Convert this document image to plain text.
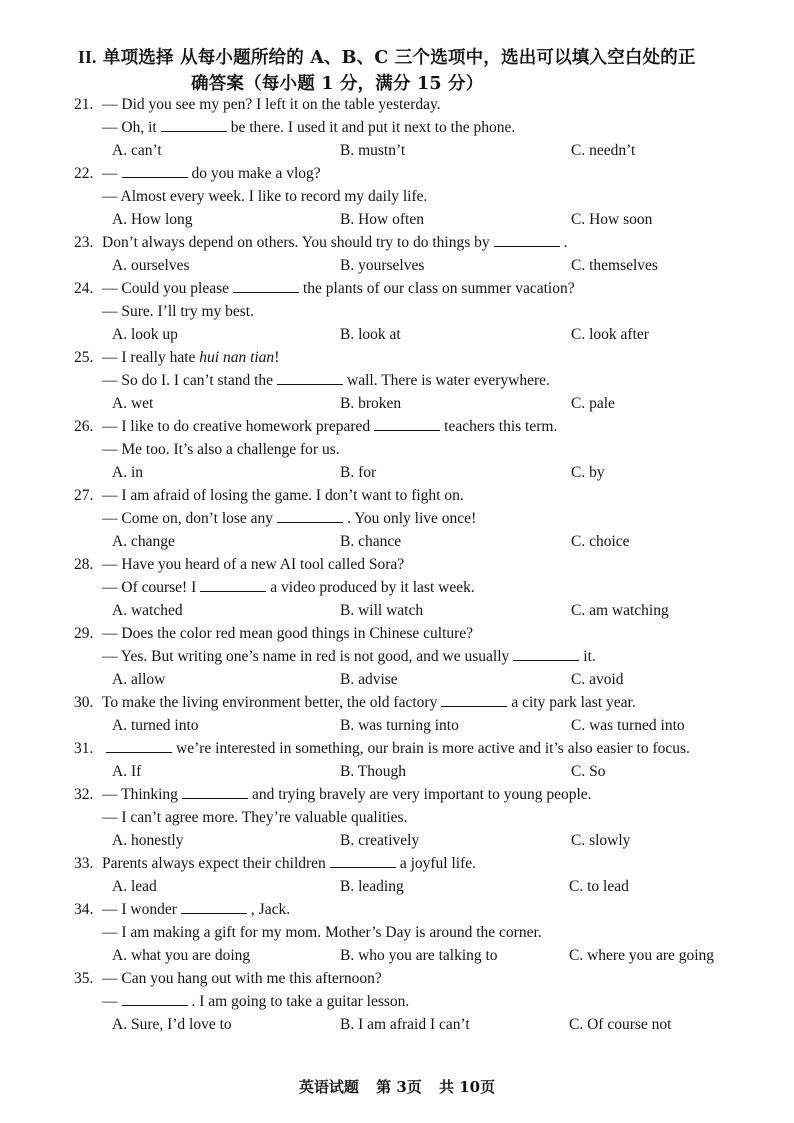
II. 单项选择 从每小题所给的 A、B、C 三个选项中，选出可以填入空白处的正
确答案（每小题 1 分，满分 15 分）
21. — Did you see my pen? I left it on the table yesterday.
— Oh, it	be there. I used it and put it next to the phone.
A. can’t	B. mustn’t	C. needn’t
22. —	do you make a vlog?
— Almost every week. I like to record my daily life.
A. How long	B. How often	C. How soon
23. Don’t always depend on others. You should try to do things by	.
A. ourselves	B. yourselves	C. themselves
24. — Could you please	the plants of our class on summer vacation?
— Sure. I’ll try my best.
A. look up	B. look at	C. look after
25. — I really hate hui nan tian!
— So do I. I can’t stand the	wall. There is water everywhere.
A. wet	B. broken	C. pale
26. — I like to do creative homework prepared	teachers this term.
— Me too. It’s also a challenge for us.
A. in	B. for	C. by
27. — I am afraid of losing the game. I don’t want to fight on.
— Come on, don’t lose any	. You only live once!
A. change	B. chance	C. choice
28. — Have you heard of a new AI tool called Sora?
— Of course! I	a video produced by it last week.
A. watched	B. will watch	C. am watching
29. — Does the color red mean good things in Chinese culture?
— Yes. But writing one’s name in red is not good, and we usually	it.
A. allow	B. advise	C. avoid
30. To make the living environment better, the old factory	a city park last year.
A. turned into	B. was turning into	C. was turned into
31.	we’re interested in something, our brain is more active and it’s also easier to focus.
A. If	B. Though	C. So
32. — Thinking	and trying bravely are very important to young people.
— I can’t agree more. They’re valuable qualities.
A. honestly	B. creatively	C. slowly
33. Parents always expect their children	a joyful life.
A. lead	B. leading	C. to lead
34. — I wonder	, Jack.
— I am making a gift for my mom. Mother’s Day is around the corner.
A. what you are doing	B. who you are talking to	C. where you are going
35. — Can you hang out with me this afternoon?
—	. I am going to take a guitar lesson.
A. Sure, I’d love to	B. I am afraid I can’t	C. Of course not
英语试题 第 3页 共 10页
